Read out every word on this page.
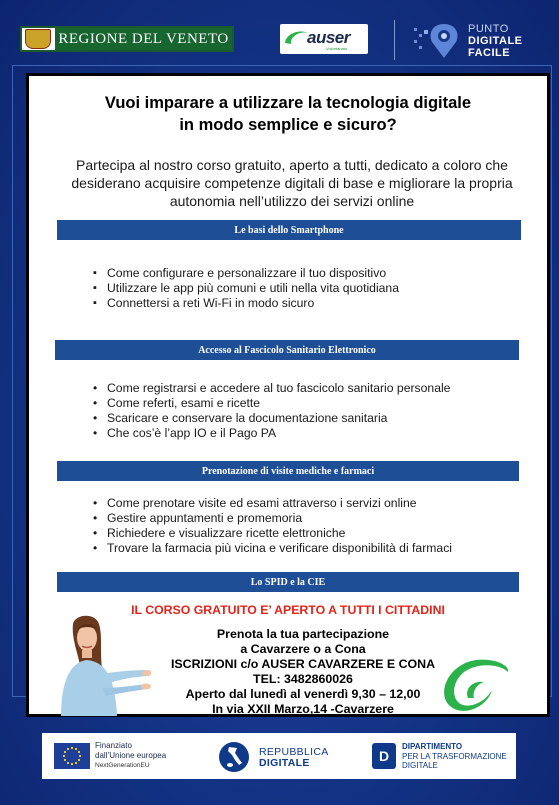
REGIONE DEL VENETO	auser
Volontariato
PUNTO
DIGITALE
FACILE
Vuoi imparare a utilizzare la tecnologia digitale
in modo semplice e sicuro?
Partecipa al nostro corso gratuito, aperto a tutti, dedicato a coloro che desiderano acquisire competenze digitali di base e migliorare la propria autonomia nell’utilizzo dei servizi online
Le basi dello Smartphone
▪ Come configurare e personalizzare il tuo dispositivo
▪ Utilizzare le app più comuni e utili nella vita quotidiana
▪ Connettersi a reti Wi-Fi in modo sicuro
Accesso al Fascicolo Sanitario Elettronico
• Come registrarsi e accedere al tuo fascicolo sanitario personale
• Come referti, esami e ricette
• Scaricare e conservare la documentazione sanitaria
• Che cos’è l’app IO e il Pago PA
Prenotazione di visite mediche e farmaci
• Come prenotare visite ed esami attraverso i servizi online
• Gestire appuntamenti e promemoria
• Richiedere e visualizzare ricette elettroniche
• Trovare la farmacia più vicina e verificare disponibilità di farmaci
Lo SPID e la CIE
IL CORSO GRATUITO E’ APERTO A TUTTI I CITTADINI
Prenota la tua partecipazione
a Cavarzere o a Cona
ISCRIZIONI c/o AUSER CAVARZERE E CONA
TEL: 3482860026
Aperto dal lunedì al venerdì 9,30 – 12,00
In via XXII Marzo,14 -Cavarzere
Finanziato
dall’Unione europea
NextGenerationEU
REPUBBLICA
DIGITALE	D
DIPARTIMENTO
PER LA TRASFORMAZIONE
DIGITALE
